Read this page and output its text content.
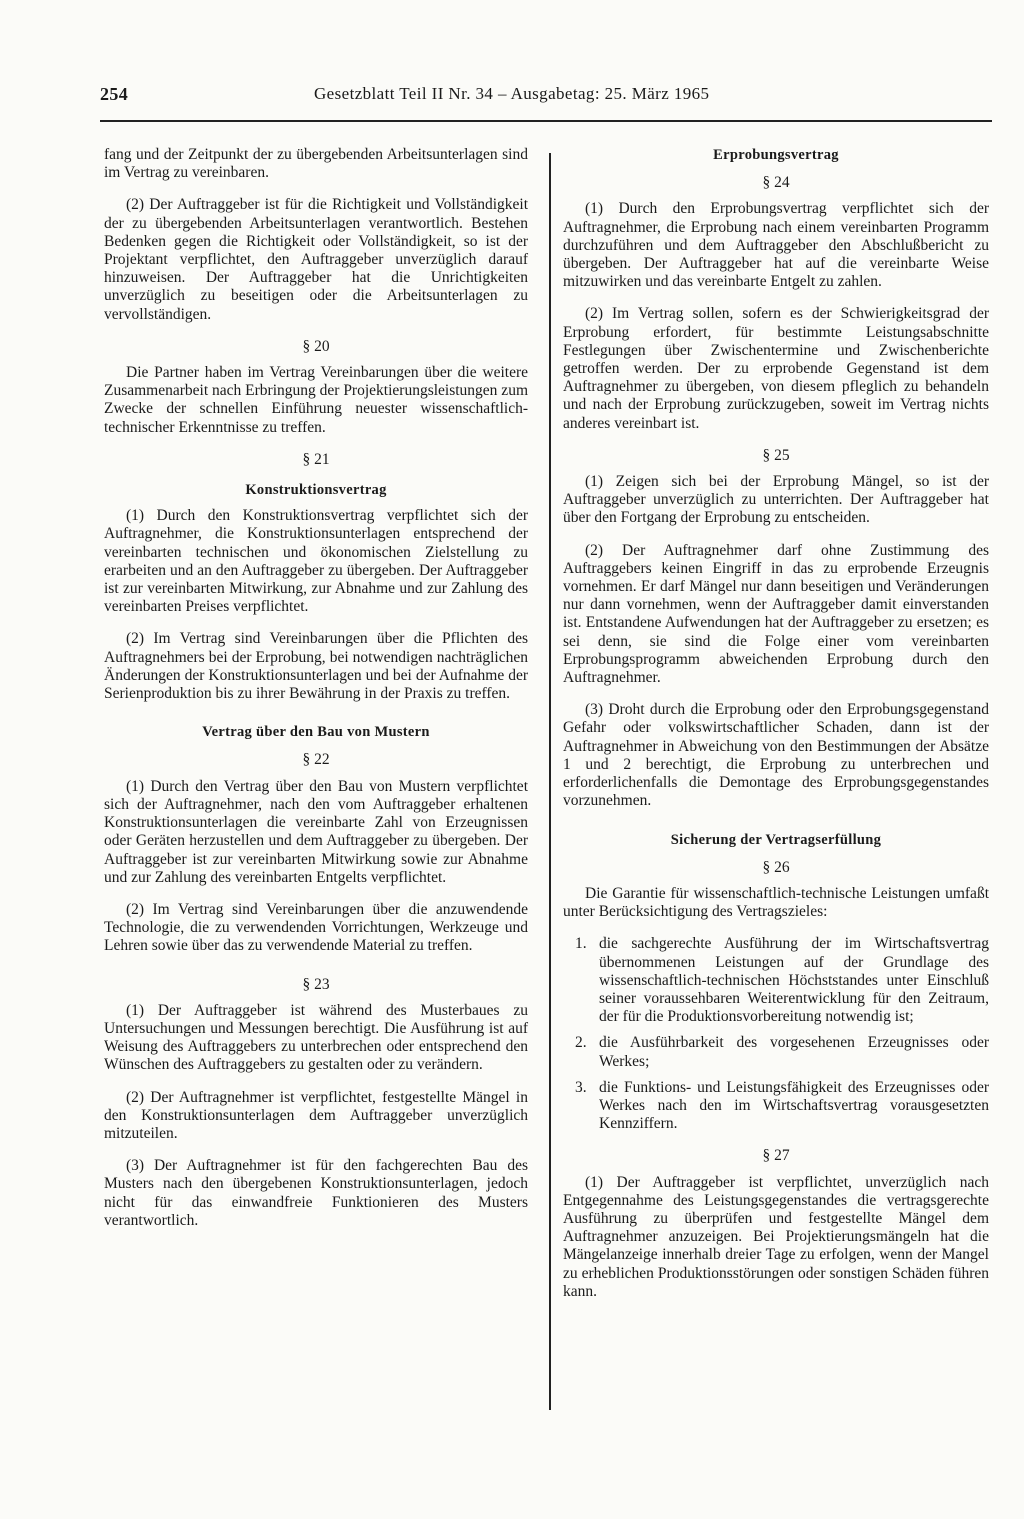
254	Gesetzblatt Teil II Nr. 34 – Ausgabetag: 25. März 1965

fang und der Zeitpunkt der zu übergebenden Arbeitsunterlagen sind im Vertrag zu vereinbaren.

(2) Der Auftraggeber ist für die Richtigkeit und Vollständigkeit der zu übergebenden Arbeitsunterlagen verantwortlich. Bestehen Bedenken gegen die Richtigkeit oder Vollständigkeit, so ist der Projektant verpflichtet, den Auftraggeber unverzüglich darauf hinzuweisen. Der Auftraggeber hat die Unrichtigkeiten unverzüglich zu beseitigen oder die Arbeitsunterlagen zu vervollständigen.

§ 20

Die Partner haben im Vertrag Vereinbarungen über die weitere Zusammenarbeit nach Erbringung der Projektierungsleistungen zum Zwecke der schnellen Einführung neuester wissenschaftlich-technischer Erkenntnisse zu treffen.

§ 21
Konstruktionsvertrag

(1) Durch den Konstruktionsvertrag verpflichtet sich der Auftragnehmer, die Konstruktionsunterlagen entsprechend der vereinbarten technischen und ökonomischen Zielstellung zu erarbeiten und an den Auftraggeber zu übergeben. Der Auftraggeber ist zur vereinbarten Mitwirkung, zur Abnahme und zur Zahlung des vereinbarten Preises verpflichtet.

(2) Im Vertrag sind Vereinbarungen über die Pflichten des Auftragnehmers bei der Erprobung, bei notwendigen nachträglichen Änderungen der Konstruktionsunterlagen und bei der Aufnahme der Serienproduktion bis zu ihrer Bewährung in der Praxis zu treffen.

Vertrag über den Bau von Mustern
§ 22

(1) Durch den Vertrag über den Bau von Mustern verpflichtet sich der Auftragnehmer, nach den vom Auftraggeber erhaltenen Konstruktionsunterlagen die vereinbarte Zahl von Erzeugnissen oder Geräten herzustellen und dem Auftraggeber zu übergeben. Der Auftraggeber ist zur vereinbarten Mitwirkung sowie zur Abnahme und zur Zahlung des vereinbarten Entgelts verpflichtet.

(2) Im Vertrag sind Vereinbarungen über die anzuwendende Technologie, die zu verwendenden Vorrichtungen, Werkzeuge und Lehren sowie über das zu verwendende Material zu treffen.

§ 23

(1) Der Auftraggeber ist während des Musterbaues zu Untersuchungen und Messungen berechtigt. Die Ausführung ist auf Weisung des Auftraggebers zu unterbrechen oder entsprechend den Wünschen des Auftraggebers zu gestalten oder zu verändern.

(2) Der Auftragnehmer ist verpflichtet, festgestellte Mängel in den Konstruktionsunterlagen dem Auftraggeber unverzüglich mitzuteilen.

(3) Der Auftragnehmer ist für den fachgerechten Bau des Musters nach den übergebenen Konstruktionsunterlagen, jedoch nicht für das einwandfreie Funktionieren des Musters verantwortlich.

Erprobungsvertrag
§ 24

(1) Durch den Erprobungsvertrag verpflichtet sich der Auftragnehmer, die Erprobung nach einem vereinbarten Programm durchzuführen und dem Auftraggeber den Abschlußbericht zu übergeben. Der Auftraggeber hat auf die vereinbarte Weise mitzuwirken und das vereinbarte Entgelt zu zahlen.

(2) Im Vertrag sollen, sofern es der Schwierigkeitsgrad der Erprobung erfordert, für bestimmte Leistungsabschnitte Festlegungen über Zwischentermine und Zwischenberichte getroffen werden. Der zu erprobende Gegenstand ist dem Auftragnehmer zu übergeben, von diesem pfleglich zu behandeln und nach der Erprobung zurückzugeben, soweit im Vertrag nichts anderes vereinbart ist.

§ 25

(1) Zeigen sich bei der Erprobung Mängel, so ist der Auftraggeber unverzüglich zu unterrichten. Der Auftraggeber hat über den Fortgang der Erprobung zu entscheiden.

(2) Der Auftragnehmer darf ohne Zustimmung des Auftraggebers keinen Eingriff in das zu erprobende Erzeugnis vornehmen. Er darf Mängel nur dann beseitigen und Veränderungen nur dann vornehmen, wenn der Auftraggeber damit einverstanden ist. Entstandene Aufwendungen hat der Auftraggeber zu ersetzen; es sei denn, sie sind die Folge einer vom vereinbarten Erprobungsprogramm abweichenden Erprobung durch den Auftragnehmer.

(3) Droht durch die Erprobung oder den Erprobungsgegenstand Gefahr oder volkswirtschaftlicher Schaden, dann ist der Auftragnehmer in Abweichung von den Bestimmungen der Absätze 1 und 2 berechtigt, die Erprobung zu unterbrechen und erforderlichenfalls die Demontage des Erprobungsgegenstandes vorzunehmen.

Sicherung der Vertragserfüllung
§ 26

Die Garantie für wissenschaftlich-technische Leistungen umfaßt unter Berücksichtigung des Vertragszieles:

1. die sachgerechte Ausführung der im Wirtschaftsvertrag übernommenen Leistungen auf der Grundlage des wissenschaftlich-technischen Höchststandes unter Einschluß seiner voraussehbaren Weiterentwicklung für den Zeitraum, der für die Produktionsvorbereitung notwendig ist;
2. die Ausführbarkeit des vorgesehenen Erzeugnisses oder Werkes;
3. die Funktions- und Leistungsfähigkeit des Erzeugnisses oder Werkes nach den im Wirtschaftsvertrag vorausgesetzten Kennziffern.
§ 27

(1) Der Auftraggeber ist verpflichtet, unverzüglich nach Entgegennahme des Leistungsgegenstandes die vertragsgerechte Ausführung zu überprüfen und festgestellte Mängel dem Auftragnehmer anzuzeigen. Bei Projektierungsmängeln hat die Mängelanzeige innerhalb dreier Tage zu erfolgen, wenn der Mangel zu erheblichen Produktionsstörungen oder sonstigen Schäden führen kann.
